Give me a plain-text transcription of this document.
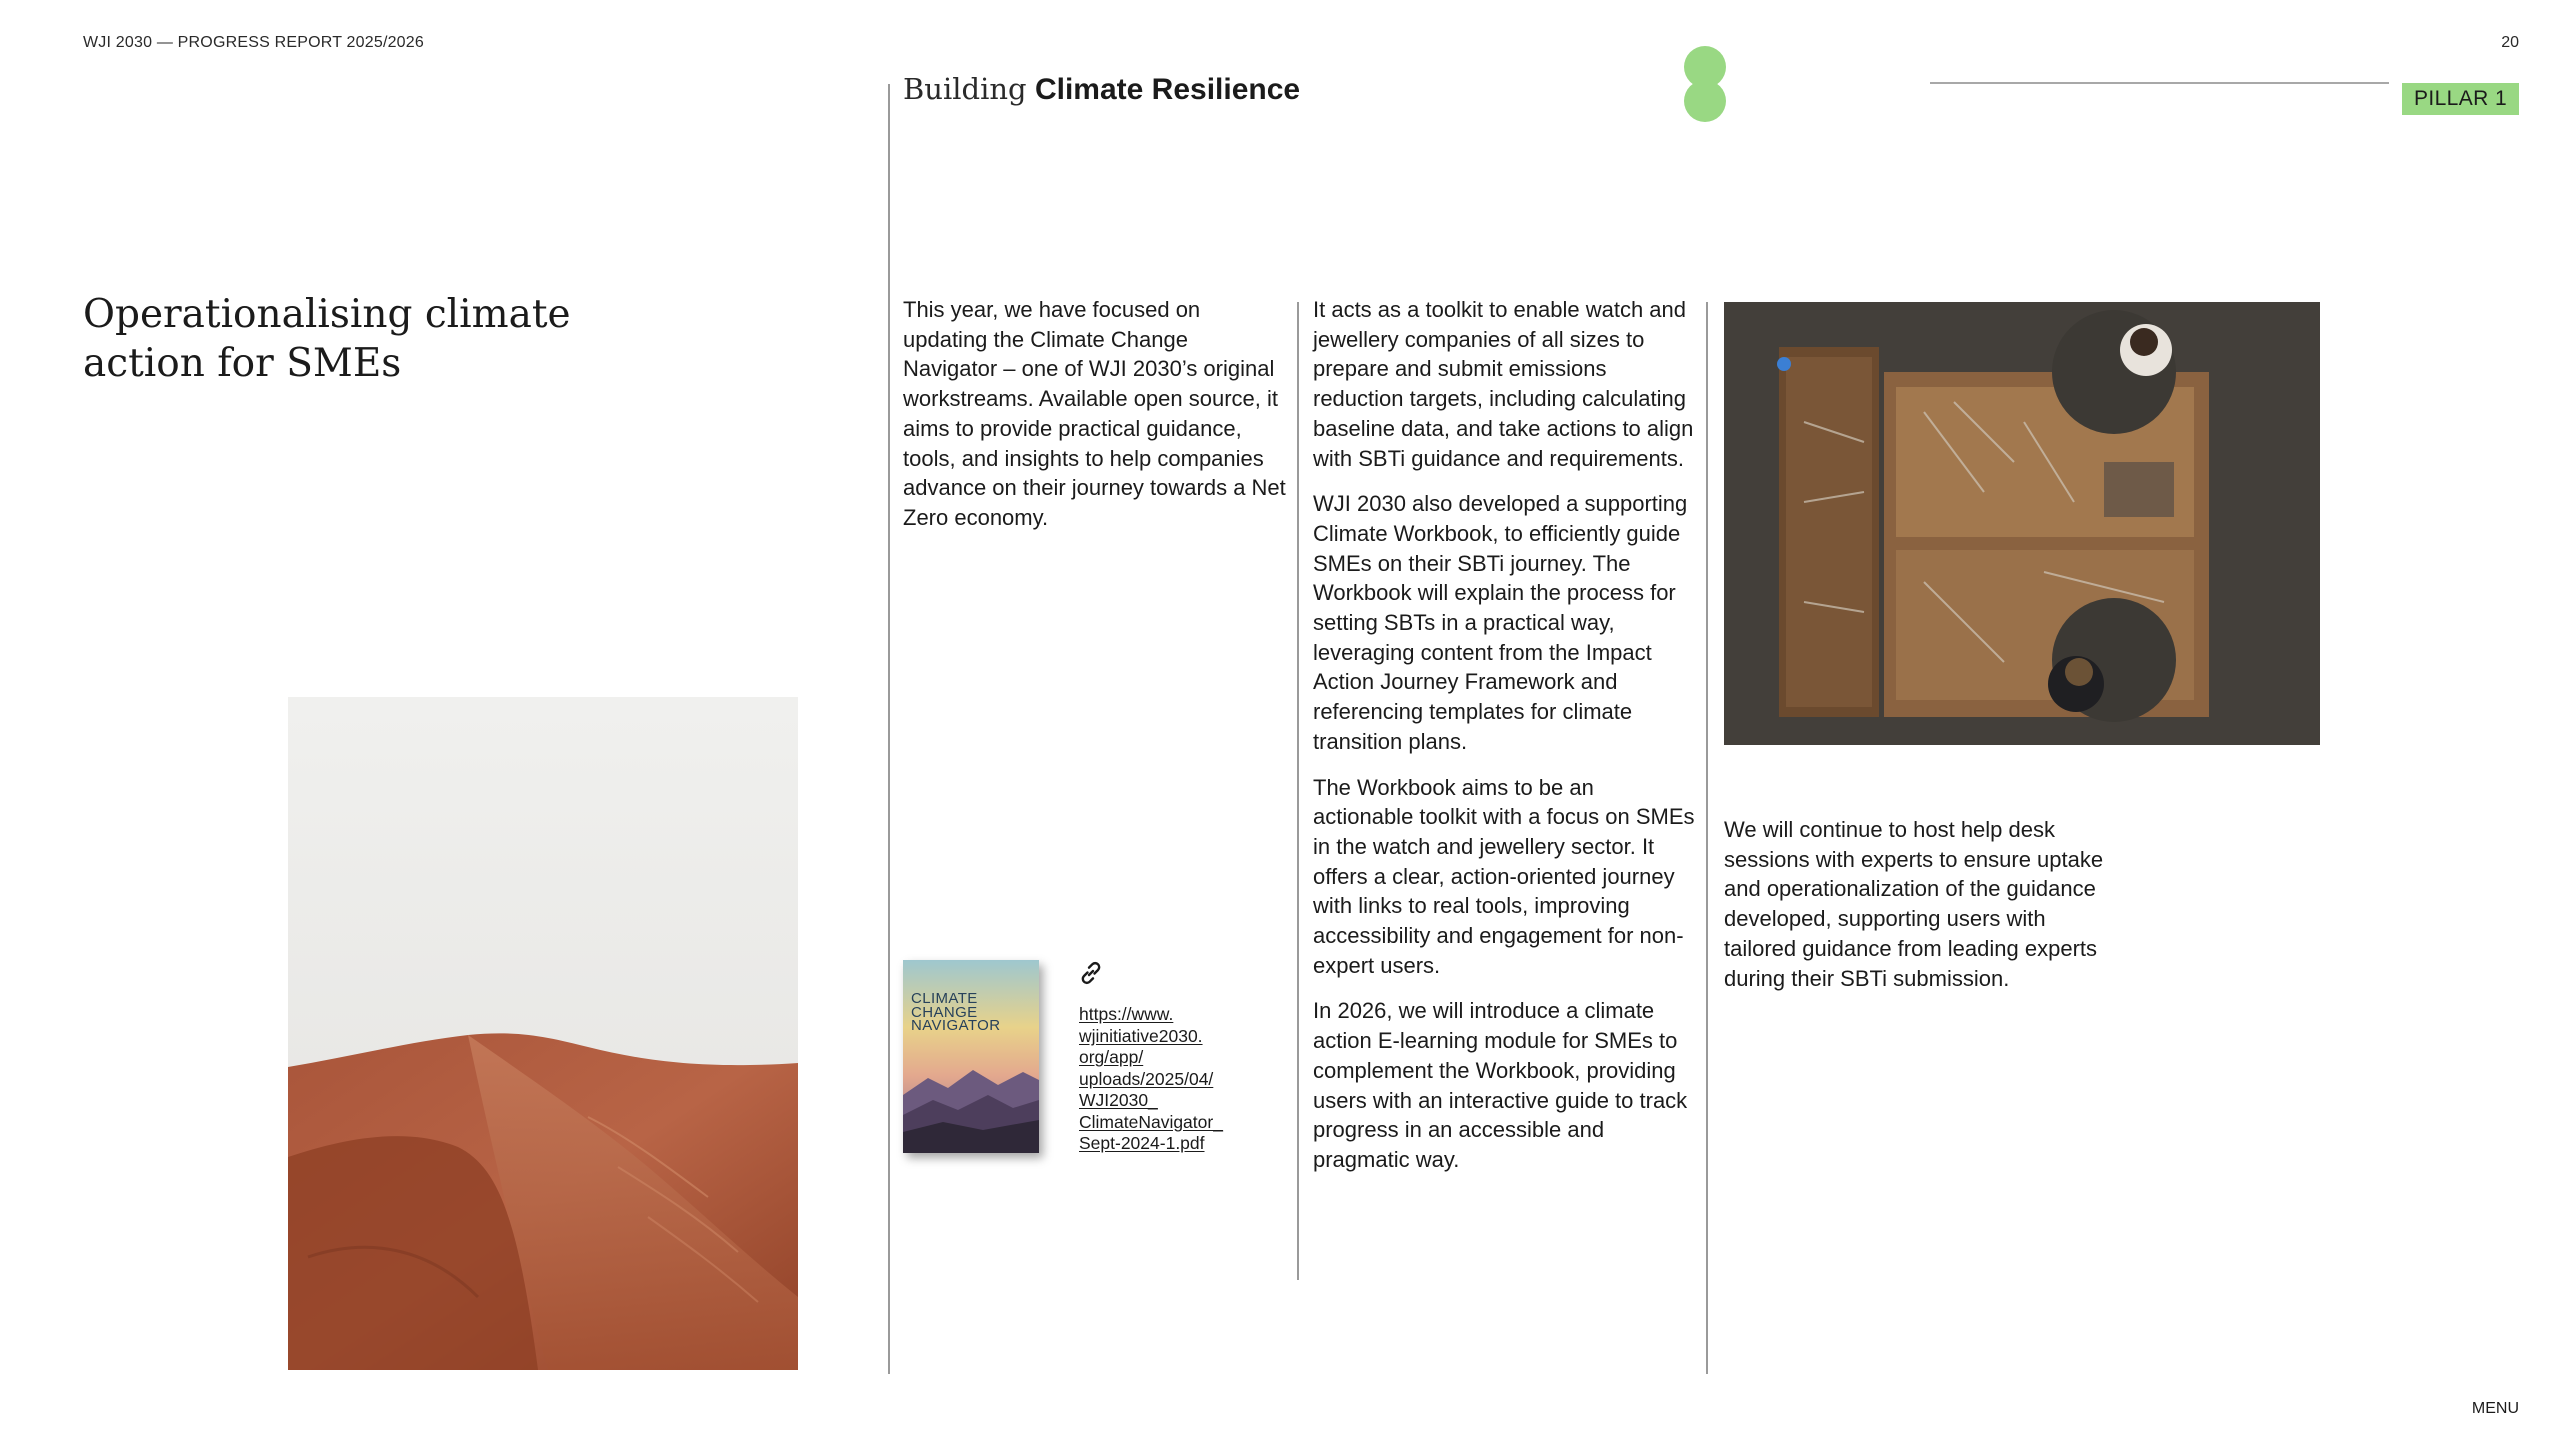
WJI 2030 — PROGRESS REPORT 2025/2026	20
Building Climate Resilience	PILLAR 1
Operationalising climate
action for SMEs

This year, we have focused on updating the Climate Change Navigator – one of WJI 2030’s original workstreams. Available open source, it aims to provide practical guidance, tools, and insights to help companies advance on their journey towards a Net Zero economy.

It acts as a toolkit to enable watch and jewellery companies of all sizes to prepare and submit emissions reduction targets, including calculating baseline data, and take actions to align with SBTi guidance and requirements.

WJI 2030 also developed a supporting Climate Workbook, to efficiently guide SMEs on their SBTi journey. The Workbook will explain the process for setting SBTs in a practical way, leveraging content from the Impact Action Journey Framework and referencing templates for climate transition plans.

The Workbook aims to be an actionable toolkit with a focus on SMEs in the watch and jewellery sector. It offers a clear, action-oriented journey with links to real tools, improving accessibility and engagement for non-expert users.

In 2026, we will introduce a climate action E-learning module for SMEs to complement the Workbook, providing users with an interactive guide to track progress in an accessible and pragmatic way.

We will continue to host help desk sessions with experts to ensure uptake and operationalization of the guidance developed, supporting users with tailored guidance from leading experts during their SBTi submission.

CLIMATE
CHANGE
NAVIGATOR
https://www.
wjinitiative2030.
org/app/
uploads/2025/04/
WJI2030_
ClimateNavigator_
Sept-2024-1.pdf
MENU
